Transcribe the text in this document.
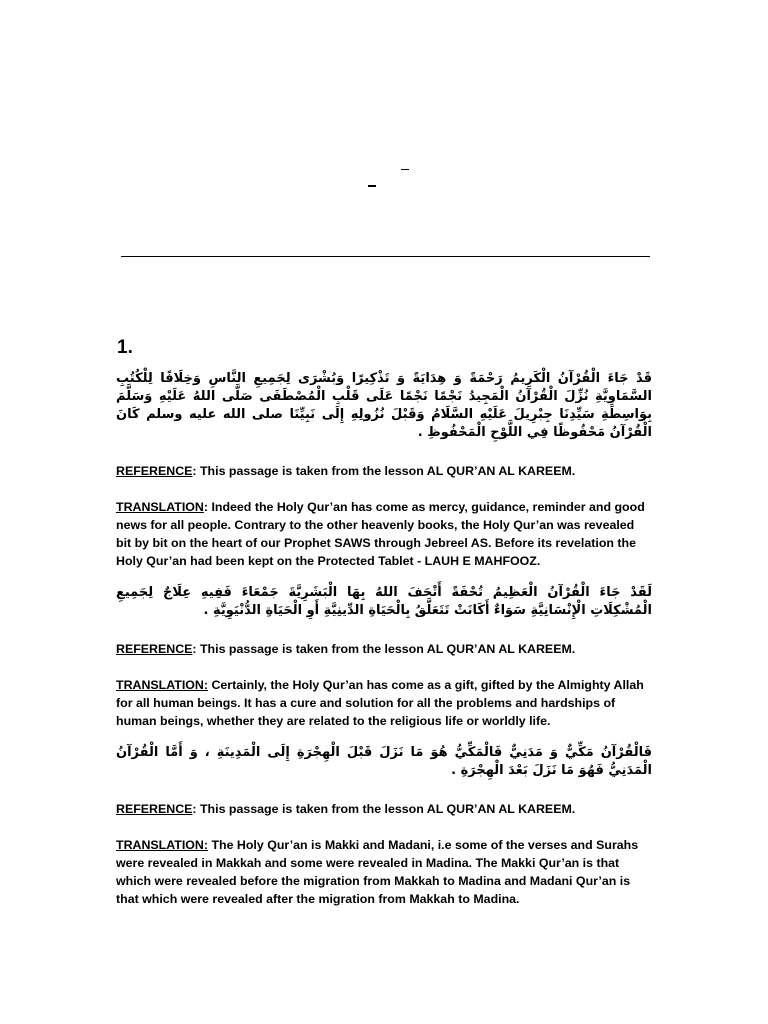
1.

قَدْ جَاءَ الْقُرْآنُ الْكَرِيمُ رَحْمَةً وَ هِدَايَةً وَ تَذْكِيرًا وَبُشْرَى لِجَمِيعِ النَّاسِ وَخِلَافًا لِلْكُتُبِ السَّمَاوِيَّةِ نُزِّلَ الْقُرْآنُ الْمَجِيدُ نَجْمًا نَجْمًا عَلَى قَلْبِ الْمُصْطَفَى صَلَّى اللهُ عَلَيْهِ وَسَلَّمَ بِوَاسِطَةِ سَيِّدِنَا جِبْرِيلَ عَلَيْهِ السَّلَامُ وَقَبْلَ نُزُولِهِ إِلَى نَبِيِّنَا صلى الله عليه وسلم كَانَ الْقُرْآنُ مَحْفُوظًا فِي اللَّوْحِ الْمَحْفُوظِ .

REFERENCE: This passage is taken from the lesson AL QUR’AN AL KAREEM.

TRANSLATION: Indeed the Holy Qur’an has come as mercy, guidance, reminder and good news for all people. Contrary to the other heavenly books, the Holy Qur’an was revealed bit by bit on the heart of our Prophet SAWS through Jebreel AS. Before its revelation the Holy Qur’an had been kept on the Protected Tablet - LAUH E MAHFOOZ.

لَقَدْ جَاءَ الْقُرْآنُ الْعَظِيمُ تُحْفَةً أَتْحَفَ اللهُ بِهَا الْبَشَرِيَّةَ جَمْعَاءَ فَفِيهِ عِلَاجٌ لِجَمِيعِ الْمُشْكِلَاتِ الْإِنْسَانِيَّةِ سَوَاءٌ أَكَانَتْ تَتَعَلَّقُ بِالْحَيَاةِ الدِّينِيَّةِ أَوِ الْحَيَاةِ الدُّنْيَوِيَّةِ .

REFERENCE: This passage is taken from the lesson AL QUR’AN AL KAREEM.

TRANSLATION: Certainly, the Holy Qur’an has come as a gift, gifted by the Almighty Allah for all human beings. It has a cure and solution for all the problems and hardships of human beings, whether they are related to the religious life or worldly life.

فَالْقُرْآنُ مَكِّيٌّ وَ مَدَنِيٌّ فَالْمَكِّيُّ هُوَ مَا نَزَلَ قَبْلَ الْهِجْرَةِ إِلَى الْمَدِينَةِ ، وَ أَمَّا الْقُرْآنُ الْمَدَنِيُّ فَهُوَ مَا نَزَلَ بَعْدَ الْهِجْرَةِ .

REFERENCE: This passage is taken from the lesson AL QUR’AN AL KAREEM.

TRANSLATION: The Holy Qur’an is Makki and Madani, i.e some of the verses and Surahs were revealed in Makkah and some were revealed in Madina. The Makki Qur’an is that which were revealed before the migration from Makkah to Madina and Madani Qur’an is that which were revealed after the migration from Makkah to Madina.
